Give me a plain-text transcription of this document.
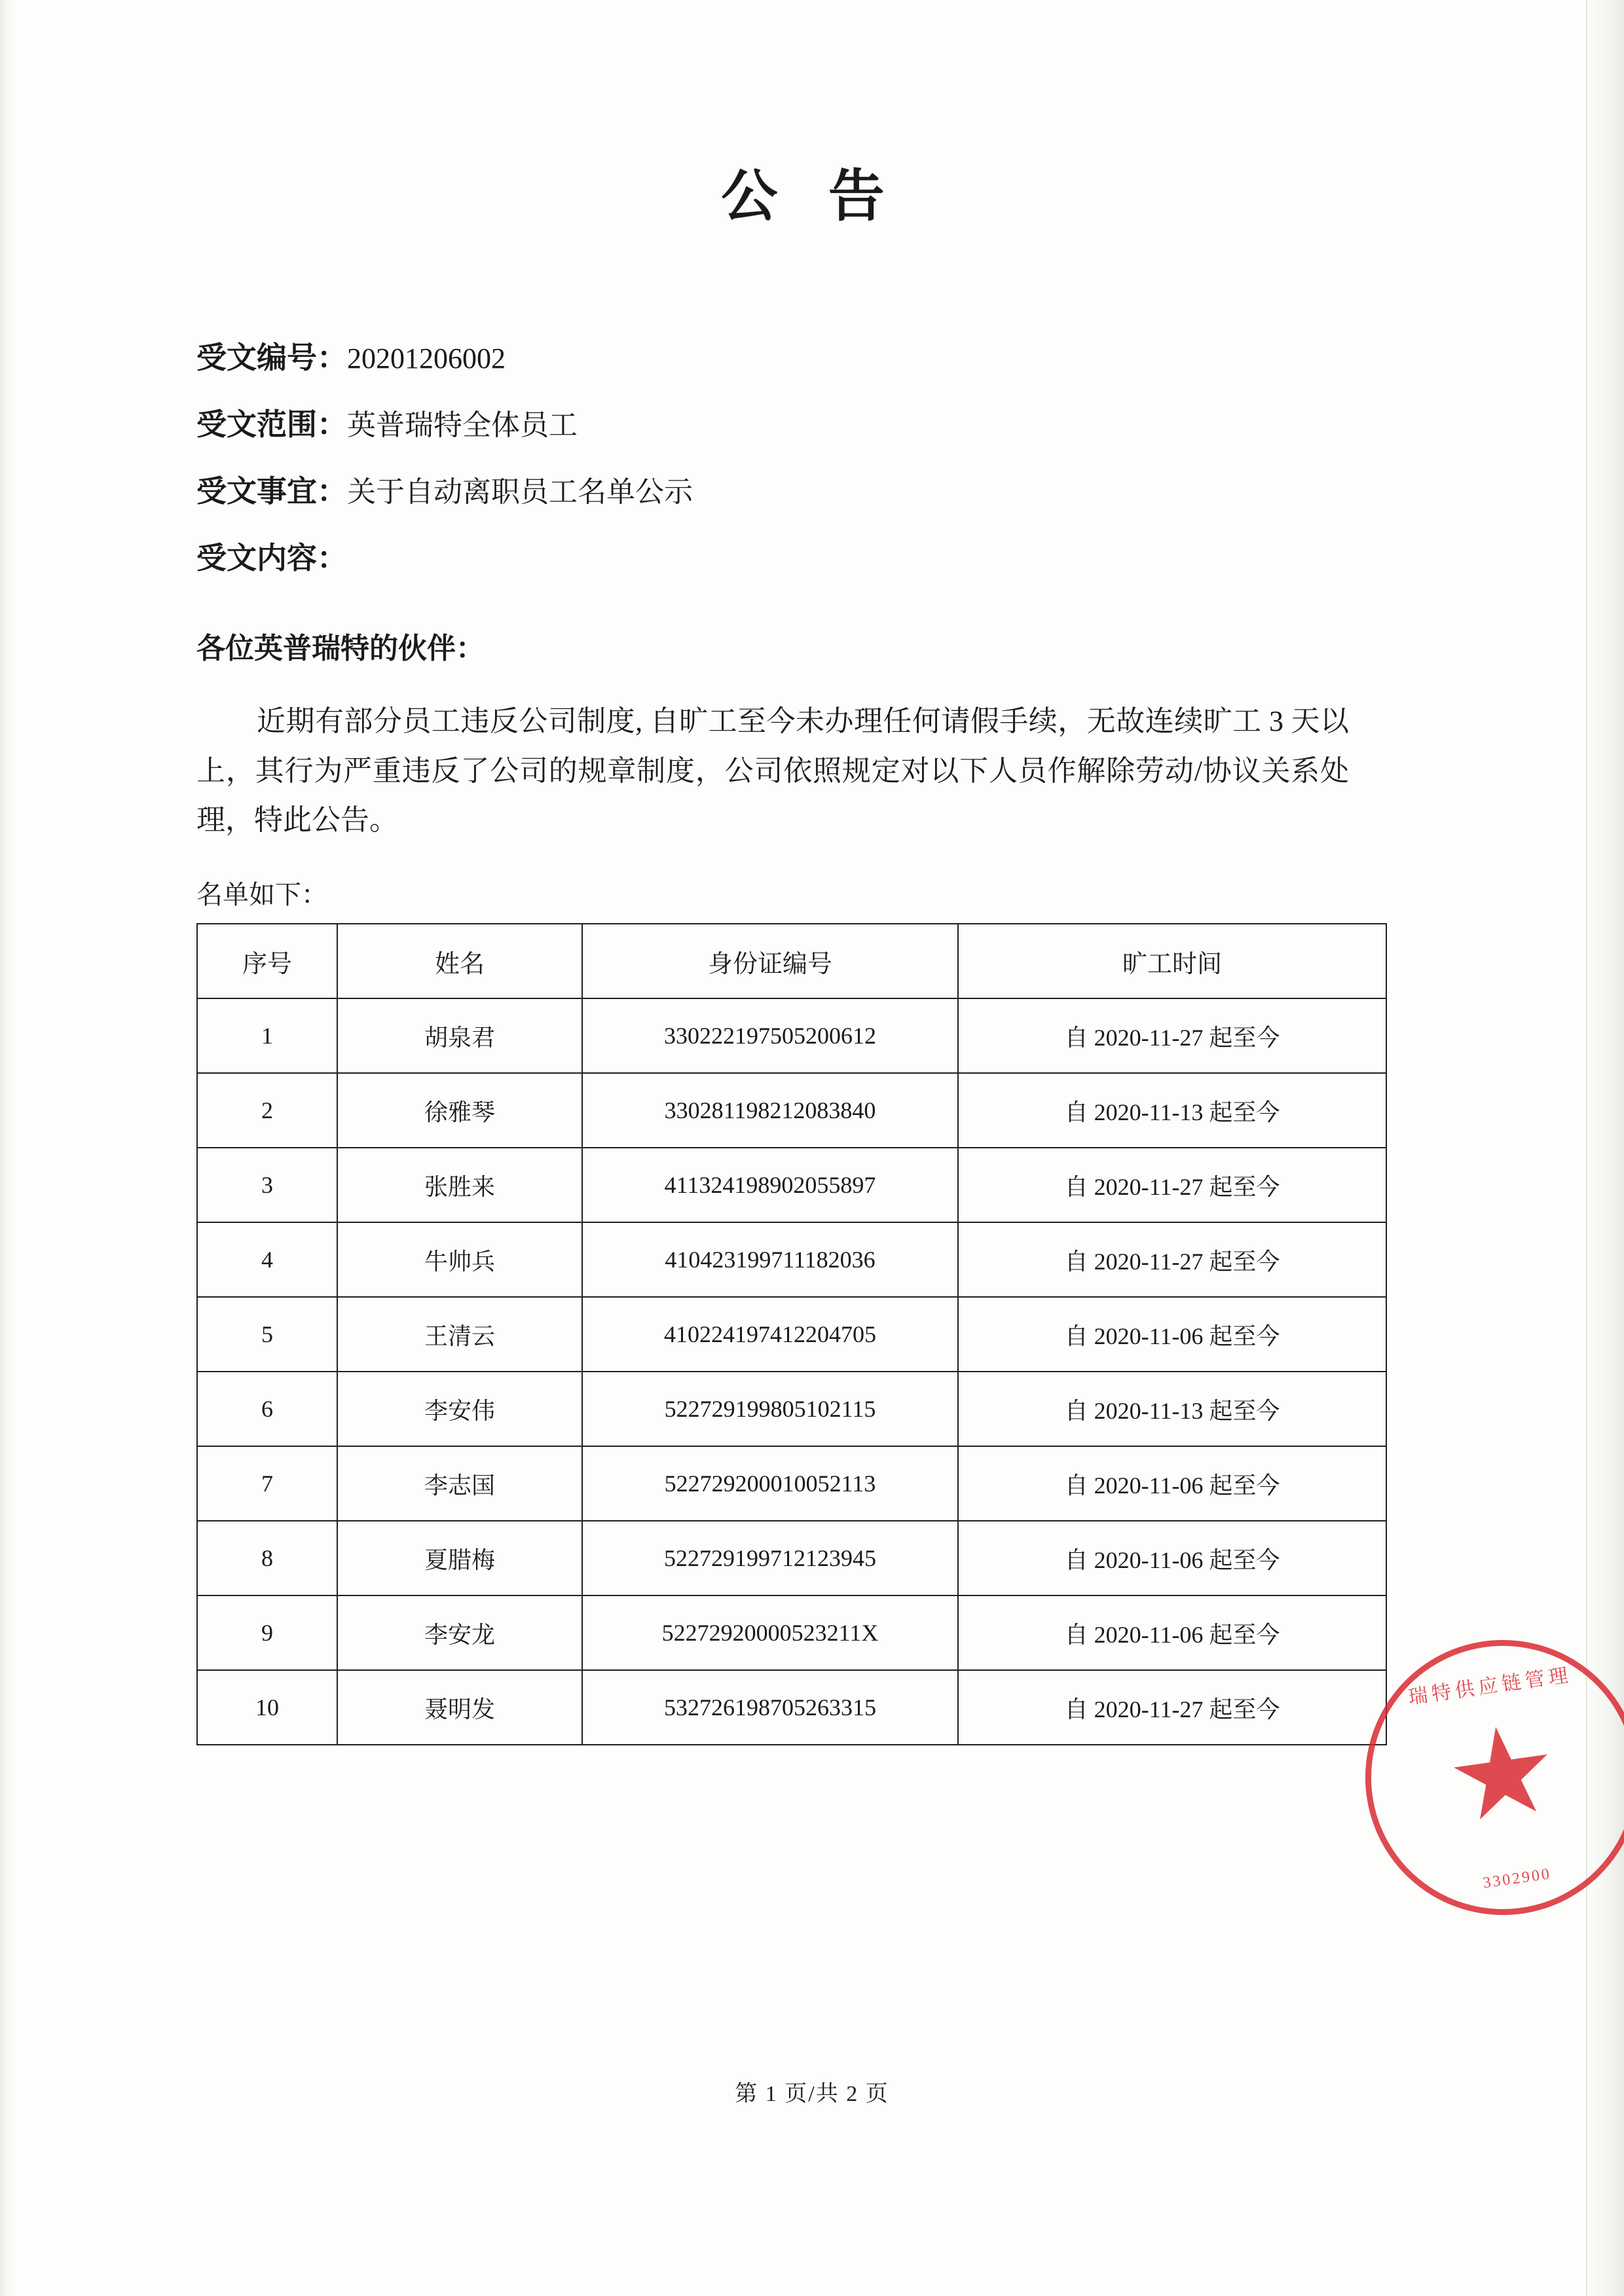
公 告
受文编号：20201206002
受文范围：英普瑞特全体员工
受文事宜：关于自动离职员工名单公示
受文内容：
各位英普瑞特的伙伴：

近期有部分员工违反公司制度, 自旷工至今未办理任何请假手续，无故连续旷工 3 天以上，其行为严重违反了公司的规章制度，公司依照规定对以下人员作解除劳动/协议关系处理，特此公告。

名单如下：
序号	姓名	身份证编号	旷工时间
1	胡泉君	330222197505200612	自 2020-11-27 起至今
2	徐雅琴	330281198212083840	自 2020-11-13 起至今
3	张胜来	411324198902055897	自 2020-11-27 起至今
4	牛帅兵	410423199711182036	自 2020-11-27 起至今
5	王清云	410224197412204705	自 2020-11-06 起至今
6	李安伟	522729199805102115	自 2020-11-13 起至今
7	李志国	522729200010052113	自 2020-11-06 起至今
8	夏腊梅	522729199712123945	自 2020-11-06 起至今
9	李安龙	52272920000523211X	自 2020-11-06 起至今
10	聂明发	532726198705263315	自 2020-11-27 起至今
瑞特供应链管理
3302900
第 1 页/共 2 页
